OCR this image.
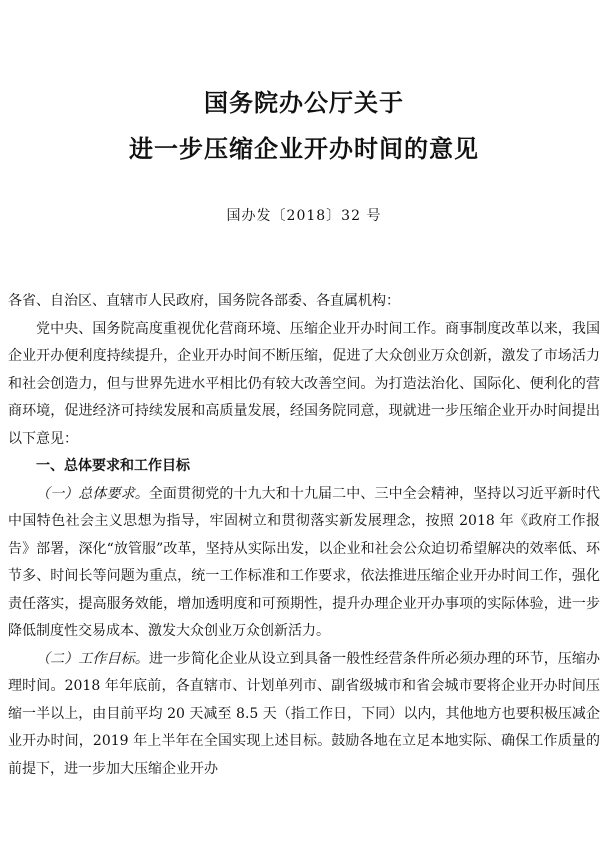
国务院办公厅关于
进一步压缩企业开办时间的意见
国办发〔2018〕32 号

各省、自治区、直辖市人民政府，国务院各部委、各直属机构：

党中央、国务院高度重视优化营商环境、压缩企业开办时间工作。商事制度改革以来，我国企业开办便利度持续提升，企业开办时间不断压缩，促进了大众创业万众创新，激发了市场活力和社会创造力，但与世界先进水平相比仍有较大改善空间。为打造法治化、国际化、便利化的营商环境，促进经济可持续发展和高质量发展，经国务院同意，现就进一步压缩企业开办时间提出以下意见：

一、总体要求和工作目标

（一）总体要求。全面贯彻党的十九大和十九届二中、三中全会精神，坚持以习近平新时代中国特色社会主义思想为指导，牢固树立和贯彻落实新发展理念，按照 2018 年《政府工作报告》部署，深化“放管服”改革，坚持从实际出发，以企业和社会公众迫切希望解决的效率低、环节多、时间长等问题为重点，统一工作标准和工作要求，依法推进压缩企业开办时间工作，强化责任落实，提高服务效能，增加透明度和可预期性，提升办理企业开办事项的实际体验，进一步降低制度性交易成本、激发大众创业万众创新活力。

（二）工作目标。进一步简化企业从设立到具备一般性经营条件所必须办理的环节，压缩办理时间。2018 年年底前，各直辖市、计划单列市、副省级城市和省会城市要将企业开办时间压缩一半以上，由目前平均 20 天减至 8.5 天（指工作日，下同）以内，其他地方也要积极压减企业开办时间，2019 年上半年在全国实现上述目标。鼓励各地在立足本地实际、确保工作质量的前提下，进一步加大压缩企业开办
